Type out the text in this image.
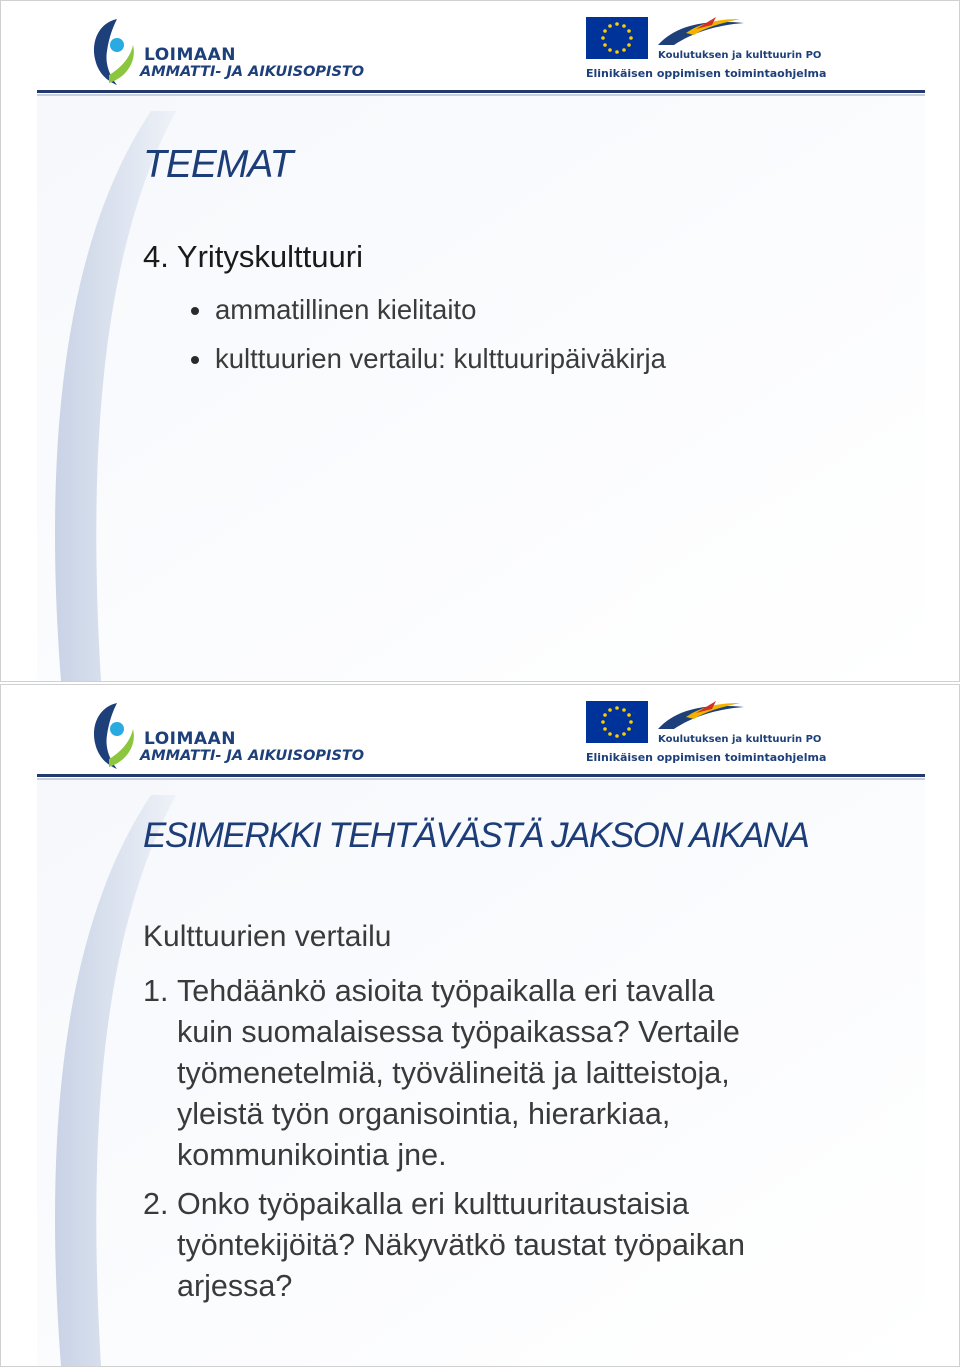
LOIMAAN
AMMATTI- JA AIKUISOPISTO
Koulutuksen ja kulttuurin PO
Elinikäisen oppimisen toimintaohjelma
TEEMAT
4. Yrityskulttuuri
ammatillinen kielitaito
kulttuurien vertailu: kulttuuripäiväkirja
LOIMAAN
AMMATTI- JA AIKUISOPISTO
Koulutuksen ja kulttuurin PO
Elinikäisen oppimisen toimintaohjelma
ESIMERKKI TEHTÄVÄSTÄ JAKSON AIKANA
Kulttuurien vertailu
1. Tehdäänkö asioita työpaikalla eri tavalla
kuin suomalaisessa työpaikassa? Vertaile
työmenetelmiä, työvälineitä ja laitteistoja,
yleistä työn organisointia, hierarkiaa,
kommunikointia jne.
2. Onko työpaikalla eri kulttuuritaustaisia
työntekijöitä? Näkyvätkö taustat työpaikan
arjessa?
